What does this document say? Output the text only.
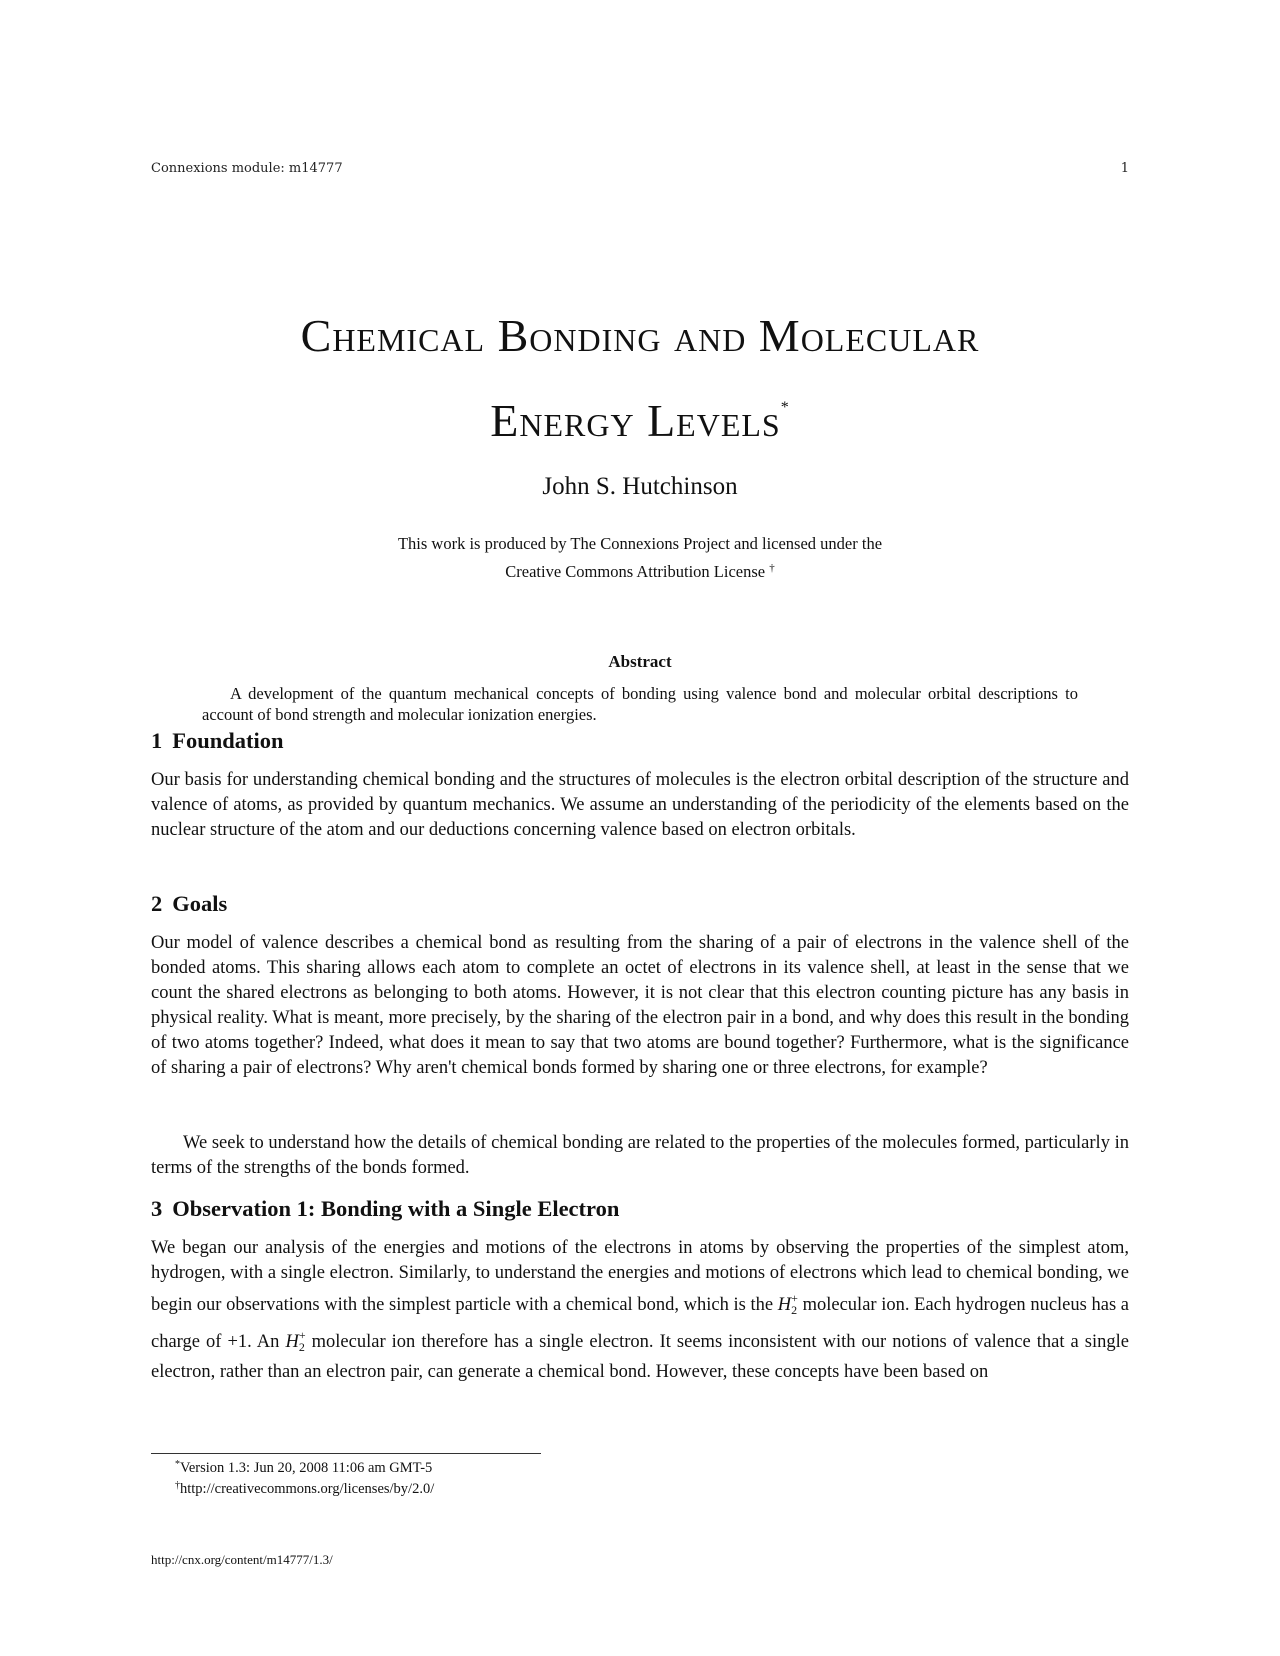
Connexions module: m14777	1
Chemical Bonding and Molecular
Energy Levels*
John S. Hutchinson
This work is produced by The Connexions Project and licensed under the
Creative Commons Attribution License †
Abstract

A development of the quantum mechanical concepts of bonding using valence bond and molecular orbital descriptions to account of bond strength and molecular ionization energies.

1 Foundation

Our basis for understanding chemical bonding and the structures of molecules is the electron orbital description of the structure and valence of atoms, as provided by quantum mechanics. We assume an understanding of the periodicity of the elements based on the nuclear structure of the atom and our deductions concerning valence based on electron orbitals.

2 Goals

Our model of valence describes a chemical bond as resulting from the sharing of a pair of electrons in the valence shell of the bonded atoms. This sharing allows each atom to complete an octet of electrons in its valence shell, at least in the sense that we count the shared electrons as belonging to both atoms. However, it is not clear that this electron counting picture has any basis in physical reality. What is meant, more precisely, by the sharing of the electron pair in a bond, and why does this result in the bonding of two atoms together? Indeed, what does it mean to say that two atoms are bound together? Furthermore, what is the significance of sharing a pair of electrons? Why aren't chemical bonds formed by sharing one or three electrons, for example?

We seek to understand how the details of chemical bonding are related to the properties of the molecules formed, particularly in terms of the strengths of the bonds formed.

3 Observation 1: Bonding with a Single Electron

We began our analysis of the energies and motions of the electrons in atoms by observing the properties of the simplest atom, hydrogen, with a single electron. Similarly, to understand the energies and motions of electrons which lead to chemical bonding, we begin our observations with the simplest particle with a chemical bond, which is the $H_2^+$ molecular ion. Each hydrogen nucleus has a charge of +1. An $H_2^+$ molecular ion therefore has a single electron. It seems inconsistent with our notions of valence that a single electron, rather than an electron pair, can generate a chemical bond. However, these concepts have been based on

*Version 1.3: Jun 20, 2008 11:06 am GMT-5
†http://creativecommons.org/licenses/by/2.0/
http://cnx.org/content/m14777/1.3/
